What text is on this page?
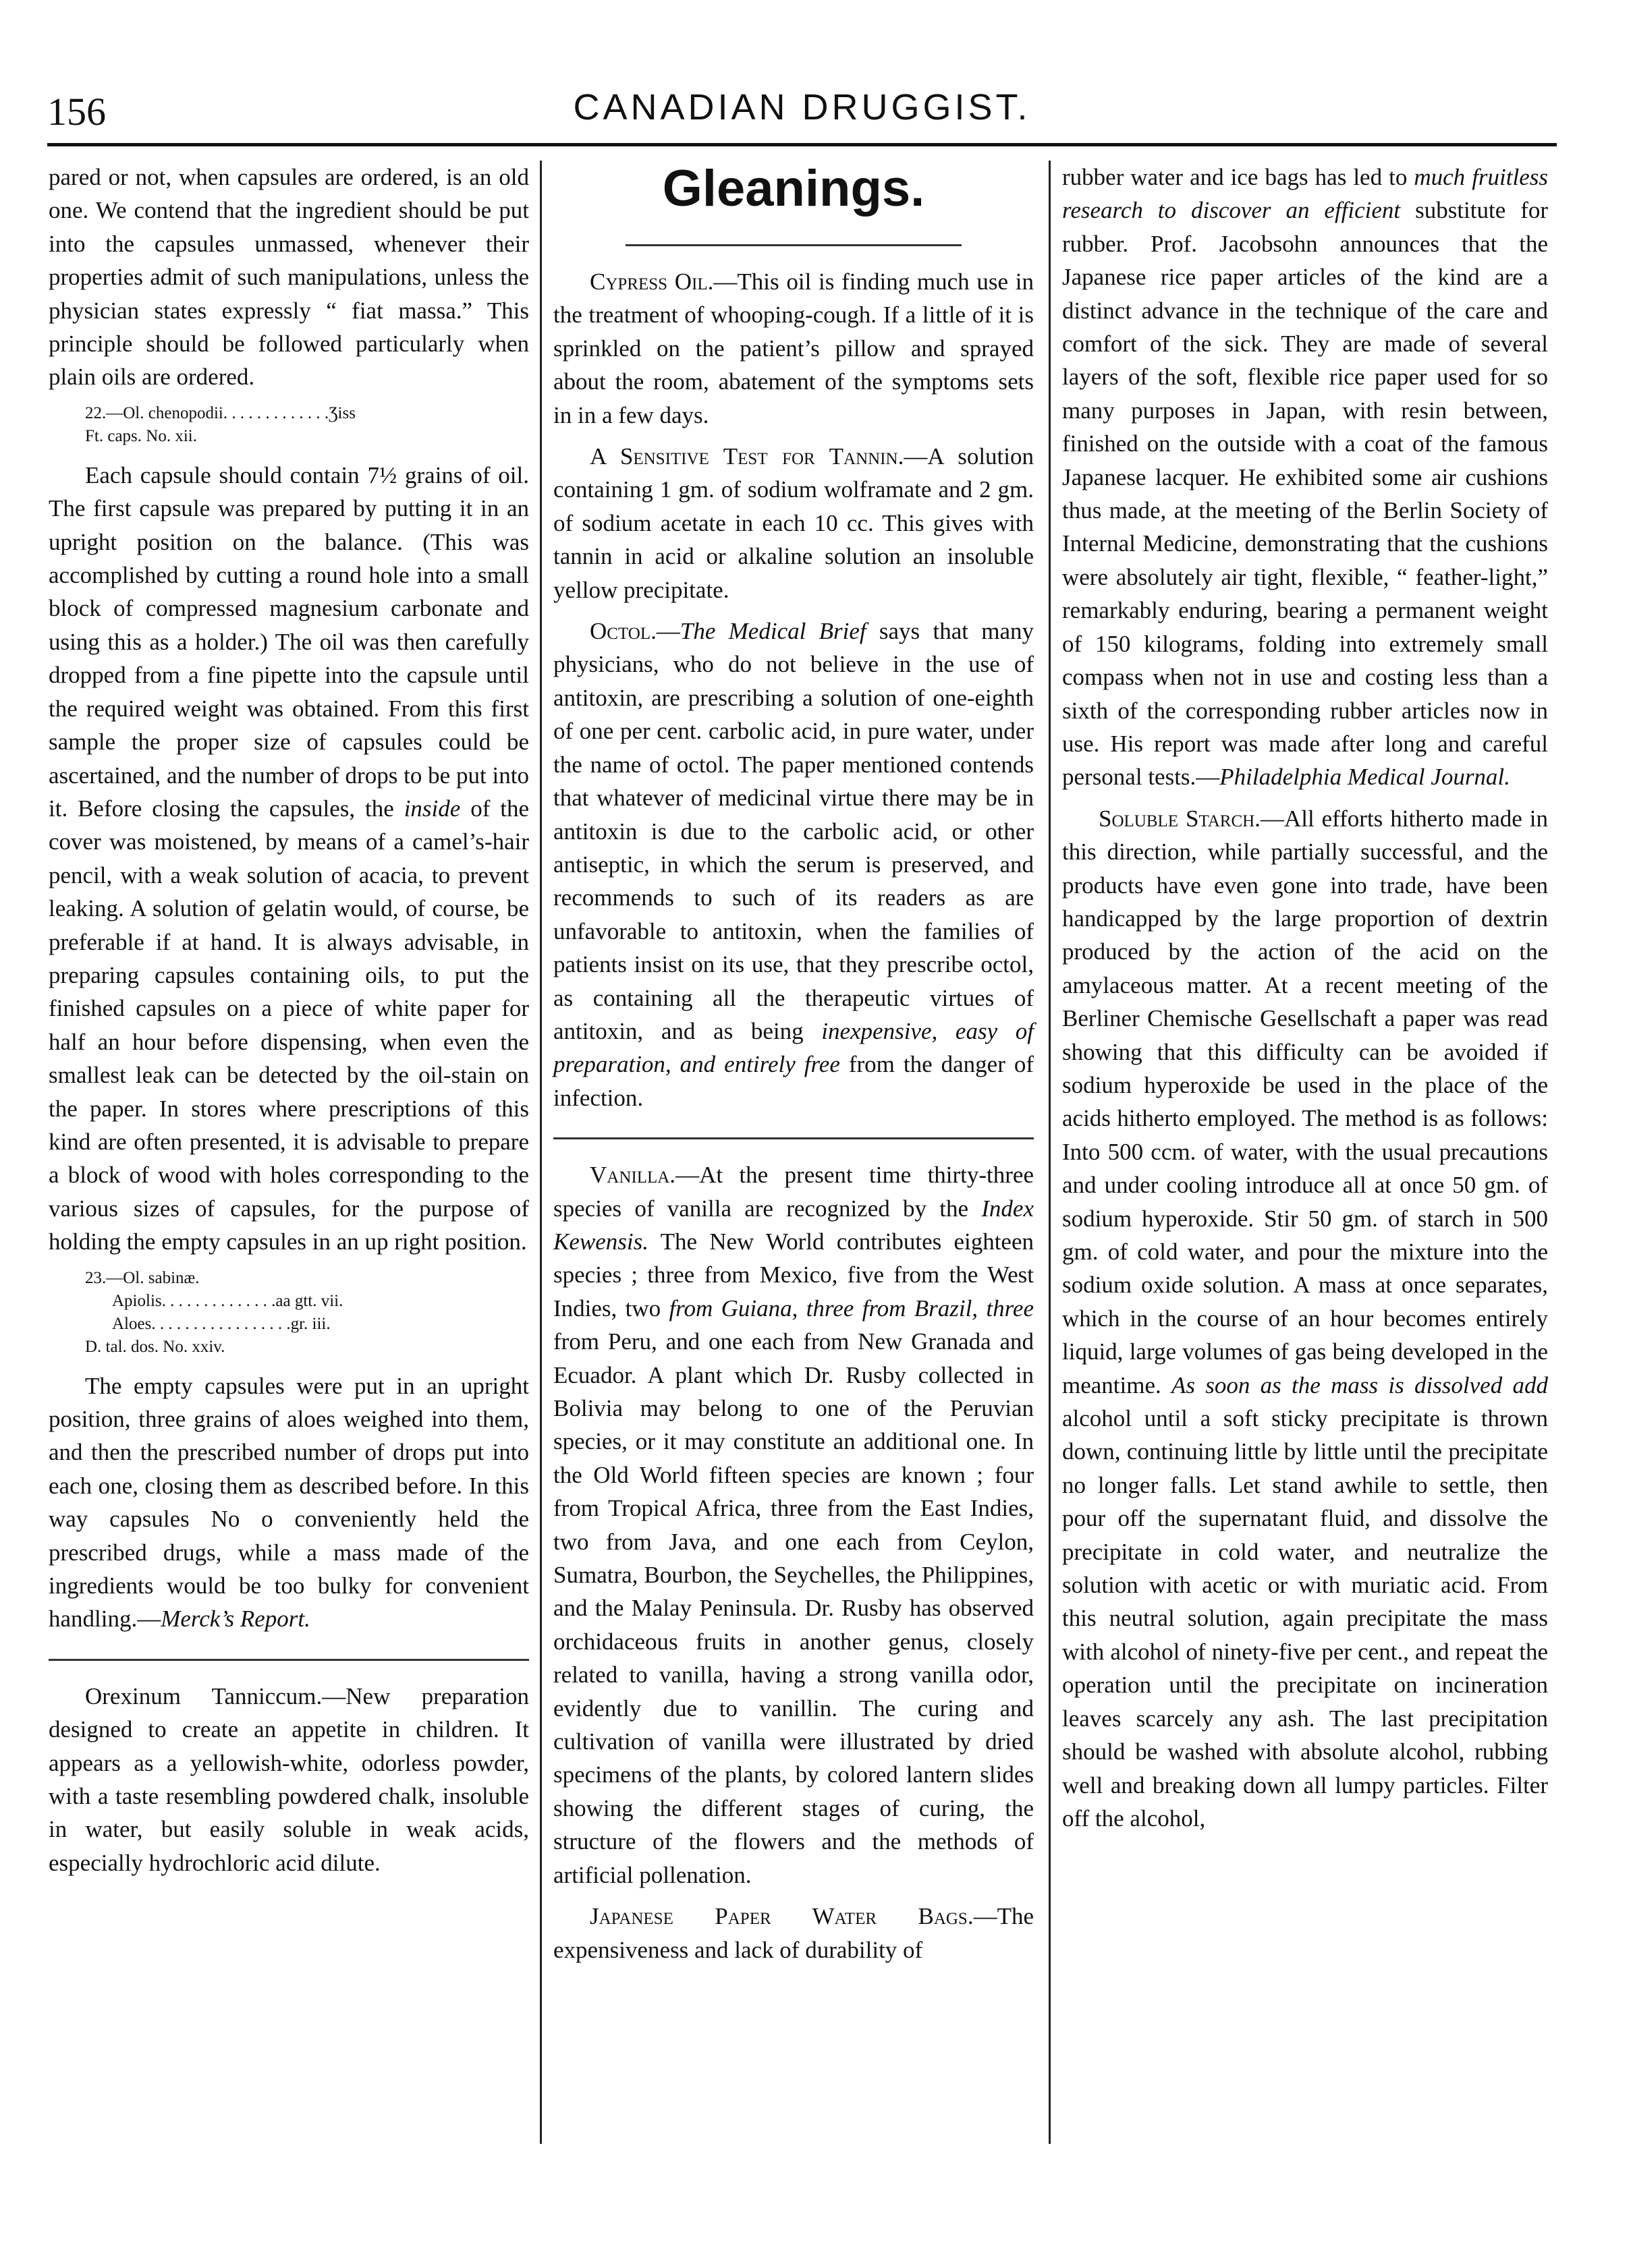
156	CANADIAN DRUGGIST.

pared or not, when capsules are ordered, is an old one. We contend that the ingredient should be put into the capsules unmassed, whenever their properties admit of such manipulations, unless the physician states expressly “ fiat massa.” This principle should be followed particularly when plain oils are ordered.

22.—Ol. chenopodii. . . . . . . . . . . . .Ʒiss
Ft. caps. No. xii.

Each capsule should contain 7½ grains of oil. The first capsule was prepared by putting it in an upright position on the balance. (This was accomplished by cutting a round hole into a small block of compressed magnesium carbonate and using this as a holder.) The oil was then carefully dropped from a fine pipette into the capsule until the required weight was obtained. From this first sample the proper size of capsules could be ascertained, and the number of drops to be put into it. Before closing the capsules, the inside of the cover was moistened, by means of a camel’s-hair pencil, with a weak solution of acacia, to prevent leaking. A solution of gelatin would, of course, be preferable if at hand. It is always advisable, in preparing capsules containing oils, to put the finished capsules on a piece of white paper for half an hour before dispensing, when even the smallest leak can be detected by the oil-stain on the paper. In stores where prescriptions of this kind are often presented, it is advisable to prepare a block of wood with holes corresponding to the various sizes of capsules, for the purpose of holding the empty capsules in an up right position.

23.—Ol. sabinæ.
Apiolis. . . . . . . . . . . . . .aa gtt. vii.
Aloes. . . . . . . . . . . . . . . . .gr. iii.
D. tal. dos. No. xxiv.

The empty capsules were put in an upright position, three grains of aloes weighed into them, and then the prescribed number of drops put into each one, closing them as described before. In this way capsules No o conveniently held the prescribed drugs, while a mass made of the ingredients would be too bulky for convenient handling.—Merck’s Report.

Orexinum Tanniccum.—New preparation designed to create an appetite in children. It appears as a yellowish-white, odorless powder, with a taste resembling powdered chalk, insoluble in water, but easily soluble in weak acids, especially hydrochloric acid dilute.

Gleanings.

Cypress Oil.—This oil is finding much use in the treatment of whooping-cough. If a little of it is sprinkled on the patient’s pillow and sprayed about the room, abatement of the symptoms sets in in a few days.

A Sensitive Test for Tannin.—A solution containing 1 gm. of sodium wolframate and 2 gm. of sodium acetate in each 10 cc. This gives with tannin in acid or alkaline solution an insoluble yellow precipitate.

Octol.—The Medical Brief says that many physicians, who do not believe in the use of antitoxin, are prescribing a solution of one-eighth of one per cent. carbolic acid, in pure water, under the name of octol. The paper mentioned contends that whatever of medicinal virtue there may be in antitoxin is due to the carbolic acid, or other antiseptic, in which the serum is preserved, and recommends to such of its readers as are unfavorable to antitoxin, when the families of patients insist on its use, that they prescribe octol, as containing all the therapeutic virtues of antitoxin, and as being inexpensive, easy of preparation, and entirely free from the danger of infection.

Vanilla.—At the present time thirty-three species of vanilla are recognized by the Index Kewensis. The New World contributes eighteen species ; three from Mexico, five from the West Indies, two from Guiana, three from Brazil, three from Peru, and one each from New Granada and Ecuador. A plant which Dr. Rusby collected in Bolivia may belong to one of the Peruvian species, or it may constitute an additional one. In the Old World fifteen species are known ; four from Tropical Africa, three from the East Indies, two from Java, and one each from Ceylon, Sumatra, Bourbon, the Seychelles, the Philippines, and the Malay Peninsula. Dr. Rusby has observed orchidaceous fruits in another genus, closely related to vanilla, having a strong vanilla odor, evidently due to vanillin. The curing and cultivation of vanilla were illustrated by dried specimens of the plants, by colored lantern slides showing the different stages of curing, the structure of the flowers and the methods of artificial pollenation.

Japanese Paper Water Bags.—The expensiveness and lack of durability of

rubber water and ice bags has led to much fruitless research to discover an efficient substitute for rubber. Prof. Jacobsohn announces that the Japanese rice paper articles of the kind are a distinct advance in the technique of the care and comfort of the sick. They are made of several layers of the soft, flexible rice paper used for so many purposes in Japan, with resin between, finished on the outside with a coat of the famous Japanese lacquer. He exhibited some air cushions thus made, at the meeting of the Berlin Society of Internal Medicine, demonstrating that the cushions were absolutely air tight, flexible, “ feather-light,” remarkably enduring, bearing a permanent weight of 150 kilograms, folding into extremely small compass when not in use and costing less than a sixth of the corresponding rubber articles now in use. His report was made after long and careful personal tests.—Philadelphia Medical Journal.

Soluble Starch.—All efforts hitherto made in this direction, while partially successful, and the products have even gone into trade, have been handicapped by the large proportion of dextrin produced by the action of the acid on the amylaceous matter. At a recent meeting of the Berliner Chemische Gesellschaft a paper was read showing that this difficulty can be avoided if sodium hyperoxide be used in the place of the acids hitherto employed. The method is as follows: Into 500 ccm. of water, with the usual precautions and under cooling introduce all at once 50 gm. of sodium hyperoxide. Stir 50 gm. of starch in 500 gm. of cold water, and pour the mixture into the sodium oxide solution. A mass at once separates, which in the course of an hour becomes entirely liquid, large volumes of gas being developed in the meantime. As soon as the mass is dissolved add alcohol until a soft sticky precipitate is thrown down, continuing little by little until the precipitate no longer falls. Let stand awhile to settle, then pour off the supernatant fluid, and dissolve the precipitate in cold water, and neutralize the solution with acetic or with muriatic acid. From this neutral solution, again precipitate the mass with alcohol of ninety-five per cent., and repeat the operation until the precipitate on incineration leaves scarcely any ash. The last precipitation should be washed with absolute alcohol, rubbing well and breaking down all lumpy particles. Filter off the alcohol,
